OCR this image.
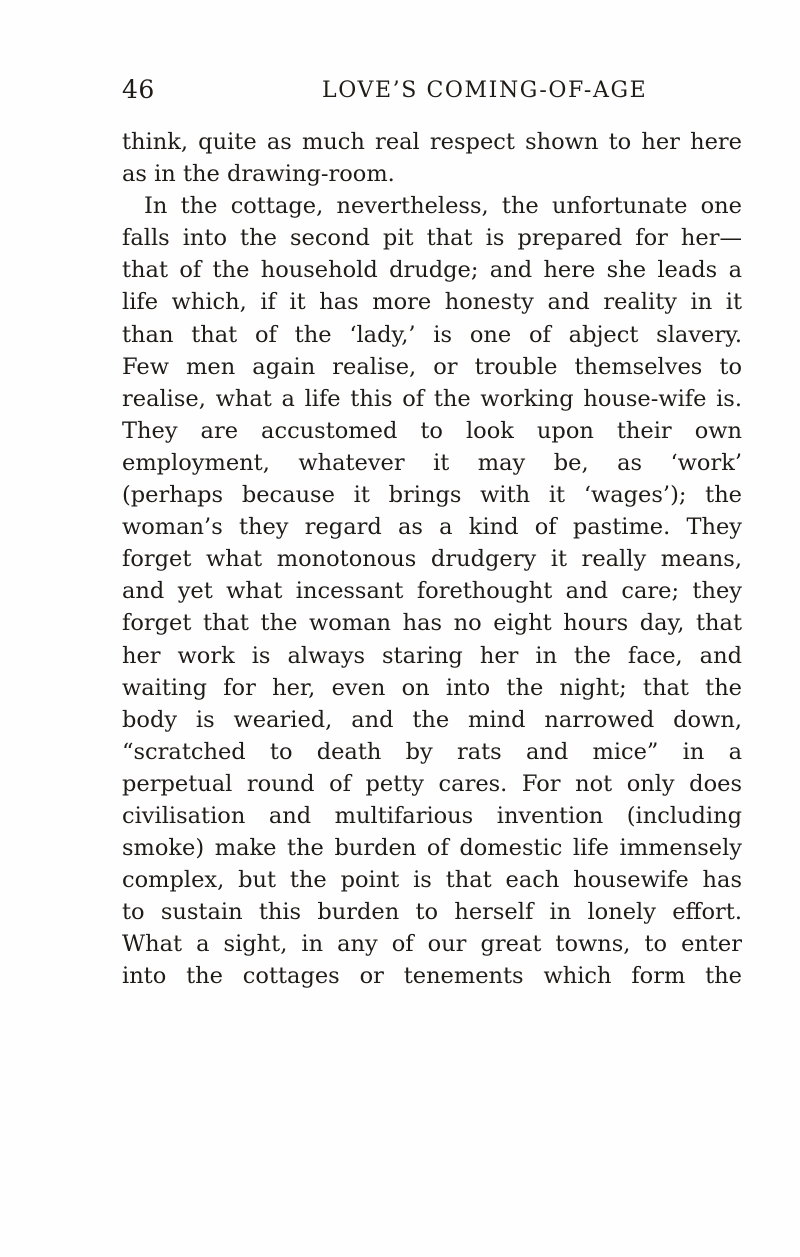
46	LOVE’S COMING-OF-AGE
think, quite as much real respect shown to her here
as in the drawing-room.
In the cottage, nevertheless, the unfortunate one
falls into the second pit that is prepared for her—
that of the household drudge; and here she leads a
life which, if it has more honesty and reality in it
than that of the ‘lady,’ is one of abject slavery.
Few men again realise, or trouble themselves to
realise, what a life this of the working house-wife is.
They are accustomed to look upon their own
employment, whatever it may be, as ‘work’
(perhaps because it brings with it ‘wages’); the
woman’s they regard as a kind of pastime. They
forget what monotonous drudgery it really means,
and yet what incessant forethought and care; they
forget that the woman has no eight hours day, that
her work is always staring her in the face, and
waiting for her, even on into the night; that the
body is wearied, and the mind narrowed down,
“scratched to death by rats and mice” in a
perpetual round of petty cares. For not only does
civilisation and multifarious invention (including
smoke) make the burden of domestic life immensely
complex, but the point is that each housewife has
to sustain this burden to herself in lonely effort.
What a sight, in any of our great towns, to enter
into the cottages or tenements which form the
